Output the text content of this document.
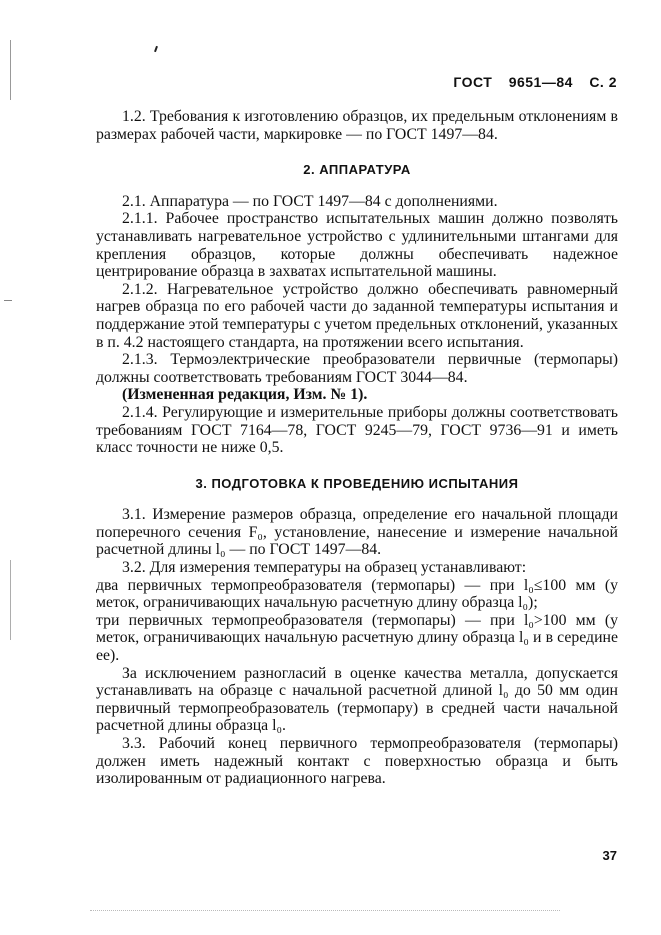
ГОСТ 9651—84 С. 2

1.2. Требования к изготовлению образцов, их предельным отклонениям в размерах рабочей части, маркировке — по ГОСТ 1497—84.

2. АППАРАТУРА

2.1. Аппаратура — по ГОСТ 1497—84 с дополнениями.

2.1.1. Рабочее пространство испытательных машин должно позволять устанавливать нагревательное устройство с удлинительными штангами для крепления образцов, которые должны обеспечивать надежное центрирование образца в захватах испытательной машины.

2.1.2. Нагревательное устройство должно обеспечивать равномерный нагрев образца по его рабочей части до заданной температуры испытания и поддержание этой температуры с учетом предельных отклонений, указанных в п. 4.2 настоящего стандарта, на протяжении всего испытания.

2.1.3. Термоэлектрические преобразователи первичные (термопары) должны соответствовать требованиям ГОСТ 3044—84.

(Измененная редакция, Изм. № 1).

2.1.4. Регулирующие и измерительные приборы должны соответствовать требованиям ГОСТ 7164—78, ГОСТ 9245—79, ГОСТ 9736—91 и иметь класс точности не ниже 0,5.

3. ПОДГОТОВКА К ПРОВЕДЕНИЮ ИСПЫТАНИЯ

3.1. Измерение размеров образца, определение его начальной площади поперечного сечения F₀, установление, нанесение и измерение начальной расчетной длины l₀ — по ГОСТ 1497—84.

3.2. Для измерения температуры на образец устанавливают:

два первичных термопреобразователя (термопары) — при l₀≤100 мм (у меток, ограничивающих начальную расчетную длину образца l₀);

три первичных термопреобразователя (термопары) — при l₀>100 мм (у меток, ограничивающих начальную расчетную длину образца l₀ и в середине ее).

За исключением разногласий в оценке качества металла, допускается устанавливать на образце с начальной расчетной длиной l₀ до 50 мм один первичный термопреобразователь (термопару) в средней части начальной расчетной длины образца l₀.

3.3. Рабочий конец первичного термопреобразователя (термопары) должен иметь надежный контакт с поверхностью образца и быть изолированным от радиационного нагрева.

37
